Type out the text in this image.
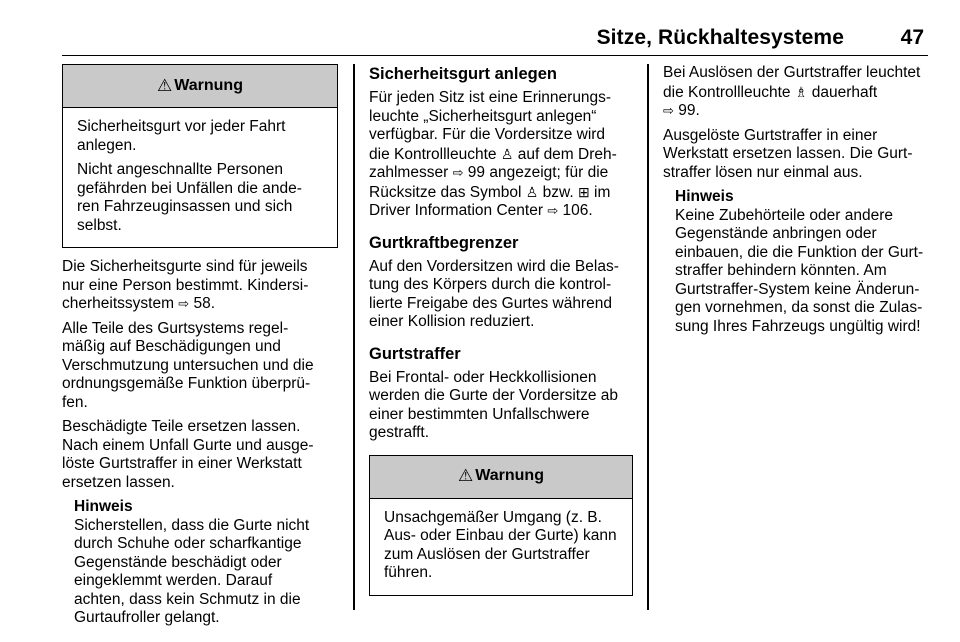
Sitze, Rückhaltesysteme	47
⚠ Warnung

Sicherheitsgurt vor jeder Fahrt
anlegen.

Nicht angeschnallte Personen
gefährden bei Unfällen die ande-
ren Fahrzeuginsassen und sich
selbst.

Die Sicherheitsgurte sind für jeweils
nur eine Person bestimmt. Kindersi-
cherheitssystem ⇨ 58.

Alle Teile des Gurtsystems regel-
mäßig auf Beschädigungen und
Verschmutzung untersuchen und die
ordnungsgemäße Funktion überprü-
fen.

Beschädigte Teile ersetzen lassen.
Nach einem Unfall Gurte und ausge-
löste Gurtstraffer in einer Werkstatt
ersetzen lassen.

Hinweis
Sicherstellen, dass die Gurte nicht
durch Schuhe oder scharfkantige
Gegenstände beschädigt oder
eingeklemmt werden. Darauf
achten, dass kein Schmutz in die
Gurtaufroller gelangt.
Sicherheitsgurt anlegen

Für jeden Sitz ist eine Erinnerungs-
leuchte „Sicherheitsgurt anlegen“
verfügbar. Für die Vordersitze wird
die Kontrollleuchte ♙ auf dem Dreh-
zahlmesser ⇨ 99 angezeigt; für die
Rücksitze das Symbol ♙ bzw. ⊞ im
Driver Information Center ⇨ 106.

Gurtkraftbegrenzer

Auf den Vordersitzen wird die Belas-
tung des Körpers durch die kontrol-
lierte Freigabe des Gurtes während
einer Kollision reduziert.

Gurtstraffer

Bei Frontal- oder Heckkollisionen
werden die Gurte der Vordersitze ab
einer bestimmten Unfallschwere
gestrafft.

⚠ Warnung

Unsachgemäßer Umgang (z. B.
Aus- oder Einbau der Gurte) kann
zum Auslösen der Gurtstraffer
führen.

Bei Auslösen der Gurtstraffer leuchtet
die Kontrollleuchte ♗ dauerhaft
⇨ 99.

Ausgelöste Gurtstraffer in einer
Werkstatt ersetzen lassen. Die Gurt-
straffer lösen nur einmal aus.

Hinweis
Keine Zubehörteile oder andere
Gegenstände anbringen oder
einbauen, die die Funktion der Gurt-
straffer behindern könnten. Am
Gurtstraffer-System keine Änderun-
gen vornehmen, da sonst die Zulas-
sung Ihres Fahrzeugs ungültig wird!
